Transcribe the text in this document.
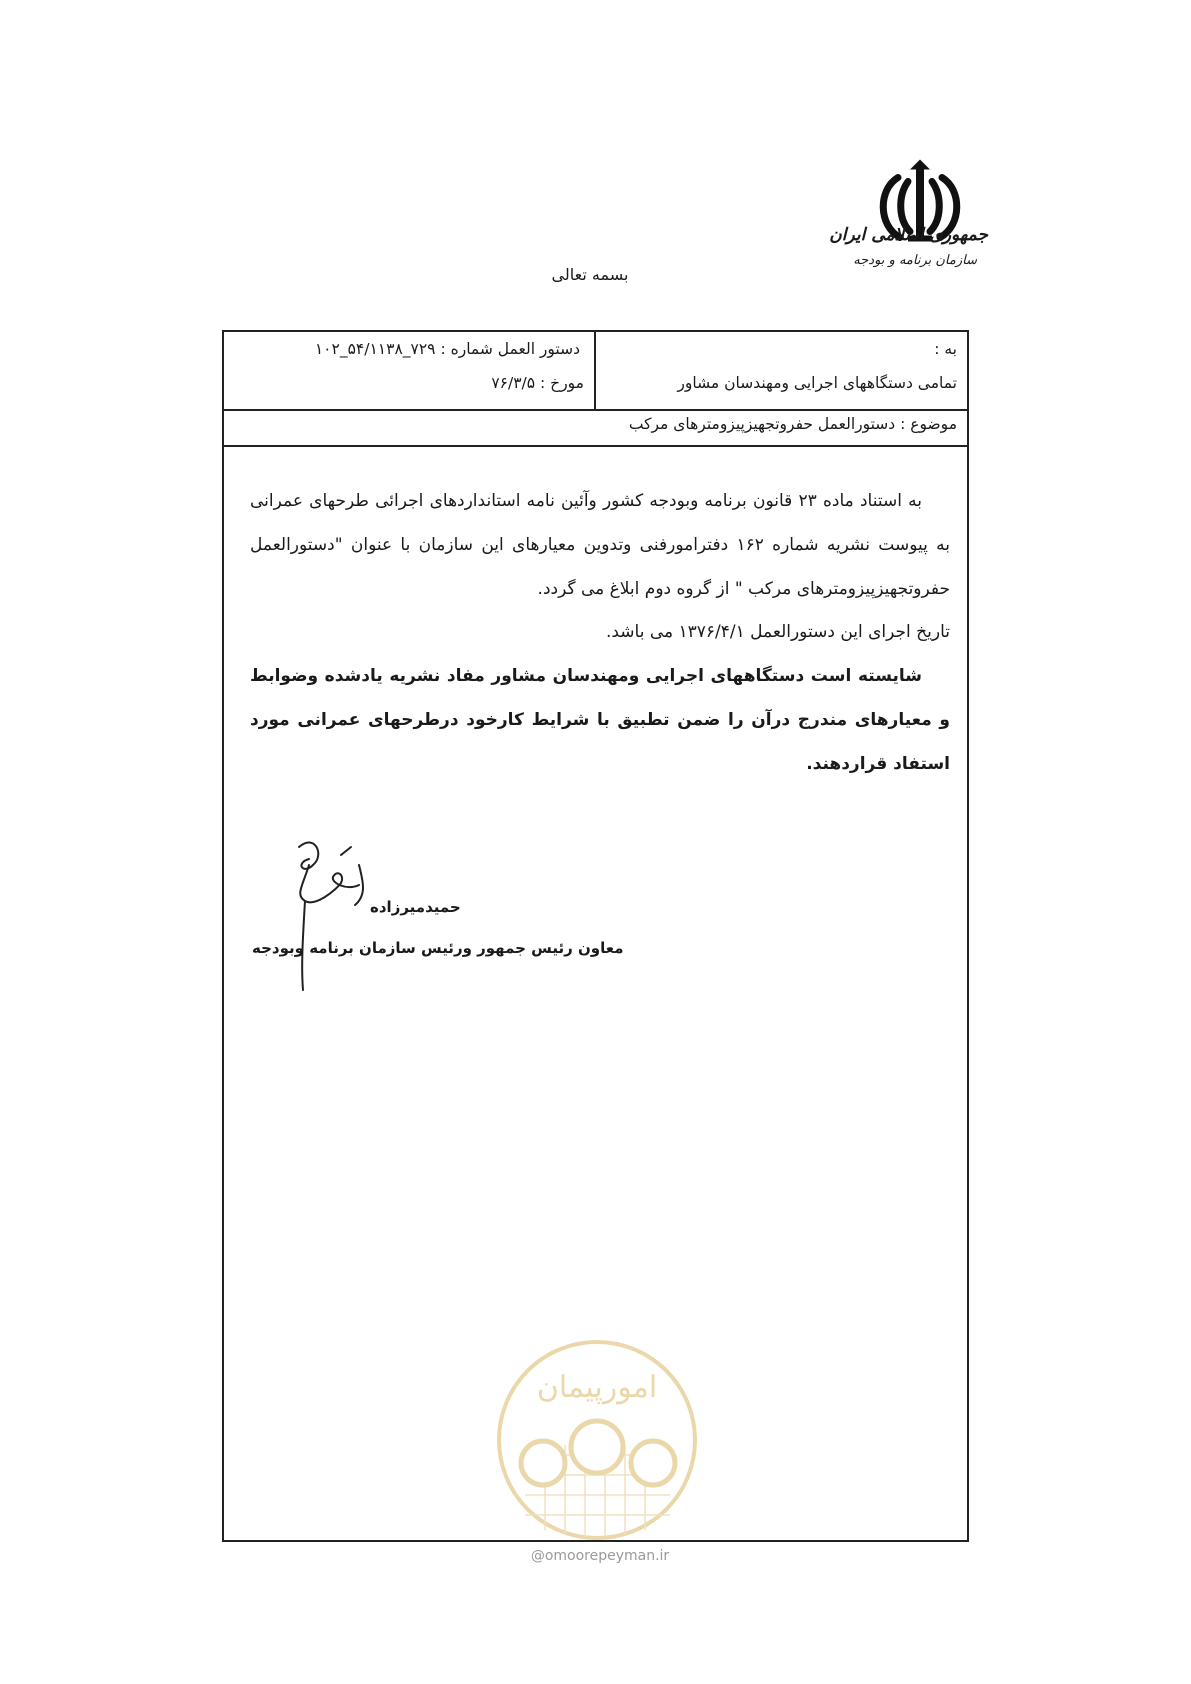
جمهوری اسلامی ایران
سازمان برنامه و بودجه
بسمه تعالی
دستور العمل شماره : ۷۲۹_۵۴/۱۱۳۸_۱۰۲
مورخ : ۷۶/۳/۵
به :
تمامی دستگاههای اجرایی ومهندسان مشاور
موضوع : دستورالعمل حفروتجهیزپیزومترهای مرکب

به استناد ماده ۲۳ قانون برنامه وبودجه کشور وآئین نامه استانداردهای اجرائی طرحهای عمرانی به پیوست نشریه شماره ۱۶۲ دفترامورفنی وتدوین معیارهای این سازمان با عنوان "دستورالعمل حفروتجهیزپیزومترهای مرکب " از گروه دوم ابلاغ می گردد.

تاریخ اجرای این دستورالعمل ۱۳۷۶/۴/۱ می باشد.

شایسته است دستگاههای اجرایی ومهندسان مشاور مفاد نشریه یادشده وضوابط و معیارهای مندرج درآن را ضمن تطبیق با شرایط کارخود درطرحهای عمرانی مورد استفاد قراردهند.

حمیدمیرزاده
معاون رئیس جمهور ورئیس سازمان برنامه وبودجه
امورپیمان
@omoorepeyman.ir
